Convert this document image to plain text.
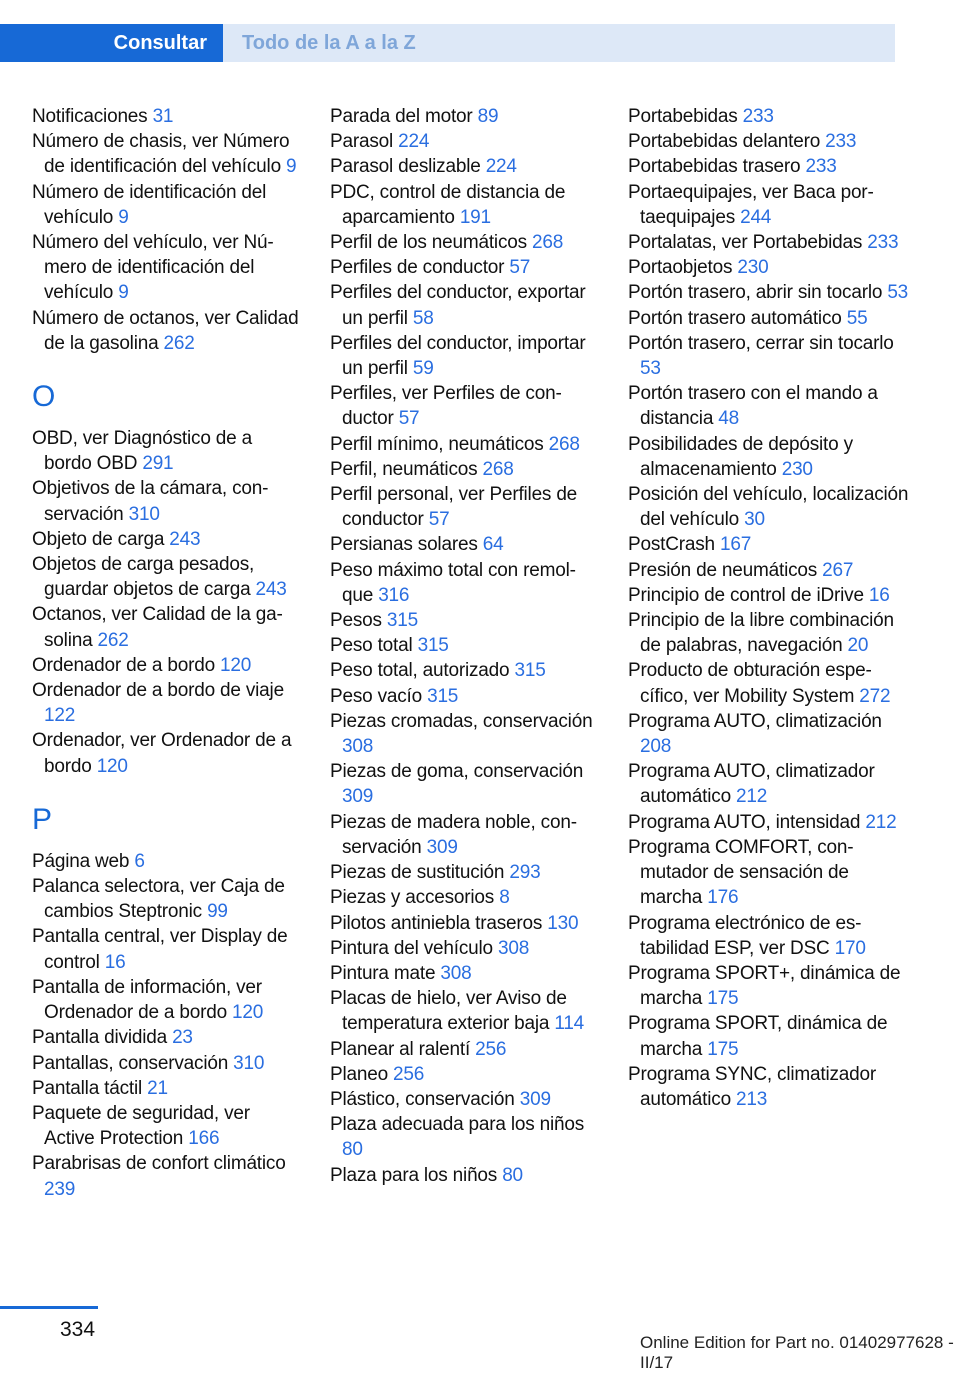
Consultar Todo de la A a la Z
Notificaciones 31
Número de chasis, ver Número de identificación del vehículo 9
Número de identificación del vehículo 9
Número del vehículo, ver Número de identificación del vehículo 9
Número de octanos, ver Calidad de la gasolina 262
O
OBD, ver Diagnóstico de a bordo OBD 291
Objetivos de la cámara, conservación 310
Objeto de carga 243
Objetos de carga pesados, guardar objetos de carga 243
Octanos, ver Calidad de la gasolina 262
Ordenador de a bordo 120
Ordenador de a bordo de viaje 122
Ordenador, ver Ordenador de a bordo 120
P
Página web 6
Palanca selectora, ver Caja de cambios Steptronic 99
Pantalla central, ver Display de control 16
Pantalla de información, ver Ordenador de a bordo 120
Pantalla dividida 23
Pantallas, conservación 310
Pantalla táctil 21
Paquete de seguridad, ver Active Protection 166
Parabrisas de confort climático 239
Parada del motor 89
Parasol 224
Parasol deslizable 224
PDC, control de distancia de aparcamiento 191
Perfil de los neumáticos 268
Perfiles de conductor 57
Perfiles del conductor, exportar un perfil 58
Perfiles del conductor, importar un perfil 59
Perfiles, ver Perfiles de conductor 57
Perfil mínimo, neumáticos 268
Perfil, neumáticos 268
Perfil personal, ver Perfiles de conductor 57
Persianas solares 64
Peso máximo total con remolque 316
Pesos 315
Peso total 315
Peso total, autorizado 315
Peso vacío 315
Piezas cromadas, conservación 308
Piezas de goma, conservación 309
Piezas de madera noble, conservación 309
Piezas de sustitución 293
Piezas y accesorios 8
Pilotos antiniebla traseros 130
Pintura del vehículo 308
Pintura mate 308
Placas de hielo, ver Aviso de temperatura exterior baja 114
Planear al ralentí 256
Planeo 256
Plástico, conservación 309
Plaza adecuada para los niños 80
Plaza para los niños 80
Portabebidas 233
Portabebidas delantero 233
Portabebidas trasero 233
Portaequipajes, ver Baca portaequipajes 244
Portalatas, ver Portabebidas 233
Portaobjetos 230
Portón trasero, abrir sin tocarlo 53
Portón trasero automático 55
Portón trasero, cerrar sin tocarlo 53
Portón trasero con el mando a distancia 48
Posibilidades de depósito y almacenamiento 230
Posición del vehículo, localización del vehículo 30
PostCrash 167
Presión de neumáticos 267
Principio de control de iDrive 16
Principio de la libre combinación de palabras, navegación 20
Producto de obturación específico, ver Mobility System 272
Programa AUTO, climatización 208
Programa AUTO, climatizador automático 212
Programa AUTO, intensidad 212
Programa COMFORT, conmutador de sensación de marcha 176
Programa electrónico de estabilidad ESP, ver DSC 170
Programa SPORT+, dinámica de marcha 175
Programa SPORT, dinámica de marcha 175
Programa SYNC, climatizador automático 213
334
Online Edition for Part no. 01402977628 - II/17
